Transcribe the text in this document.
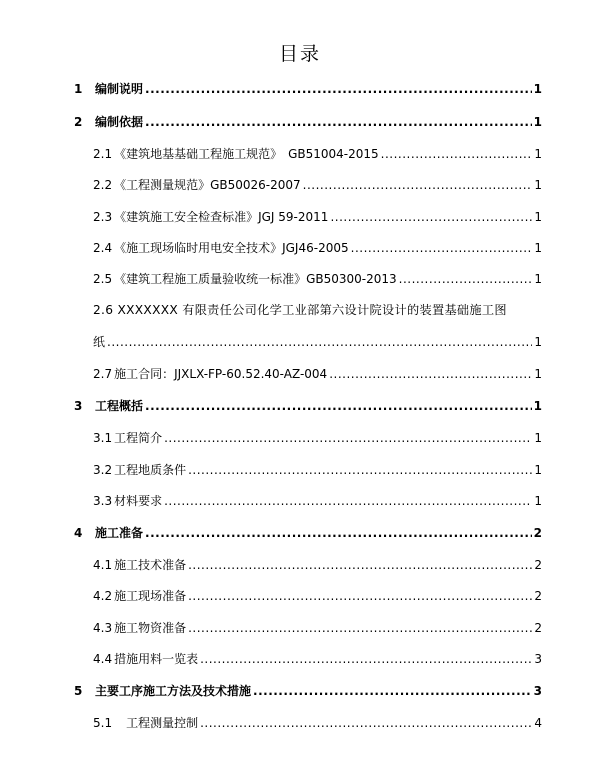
目录
1	编制说明 .....	1
2	编制依据 .....	1
2.1 《建筑地基基础工程施工规范》　GB51004-2015 .....	1
2.2 《工程测量规范》GB50026-2007 .....	1
2.3 《建筑施工安全检查标准》JGJ 59-2011 .....	1
2.4 《施工现场临时用电安全技术》JGJ46-2005 .....	1
2.5 《建筑工程施工质量验收统一标准》GB50300-2013 .....	1
2.6 XXXXXXX 有限责任公司化学工业部第六设计院设计的装置基础施工图
纸 .....	1
2.7 施工合同：JJXLX-FP-60.52.40-AZ-004 .....	1
3	工程概括 .....	1
3.1 工程简介 .....	1
3.2 工程地质条件 .....	1
3.3 材料要求 .....	1
4	施工准备 .....	2
4.1 施工技术准备 .....	2
4.2 施工现场准备 .....	2
4.3 施工物资准备 .....	2
4.4 措施用料一览表 .....	3
5	主要工序施工方法及技术措施 .....	3
5.1 　工程测量控制 .....	4
